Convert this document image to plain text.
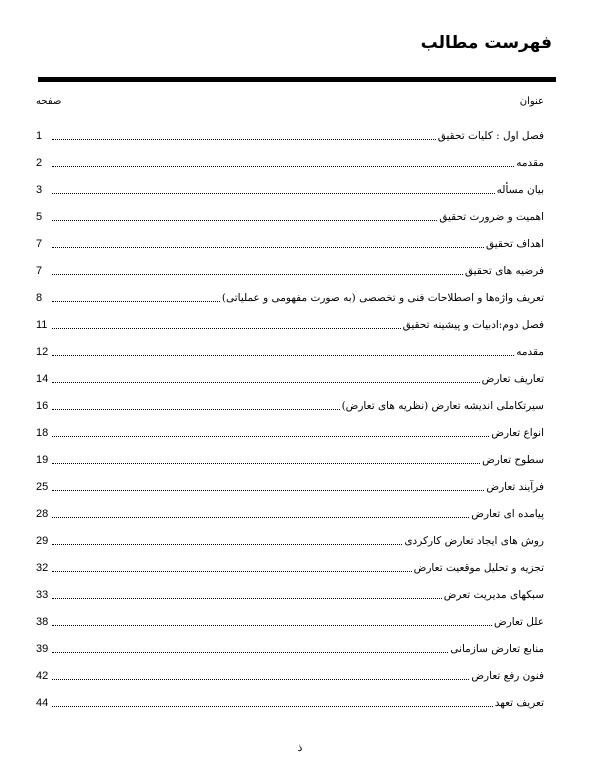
فهرست مطالب
عنوان
صفحه
فصل اول : کلیات تحقیق
1
مقدمه
2
بیان مسأله
3
اهمیت و ضرورت تحقیق
5
اهداف تحقیق
7
فرضیه های تحقیق
7
تعریف واژه‌ها و اصطلاحات فنی و تخصصی (به صورت مفهومی و عملیاتی)
8
فصل دوم:ادبیات و پیشینه تحقیق
11
مقدمه
12
تعاریف تعارض
14
سیرتکاملی اندیشه تعارض (نظریه های تعارض)
16
انواع تعارض
18
سطوح تعارض
19
فرآیند تعارض
25
پیامده ای تعارض
28
روش های ایجاد تعارض کارکردی
29
تجزیه و تحلیل موقعیت تعارض
32
سبکهای مدیریت تعرض
33
علل تعارض
38
منابع تعارض سازمانی
39
فنون رفع تعارض
42
تعریف تعهد
44
ذ
